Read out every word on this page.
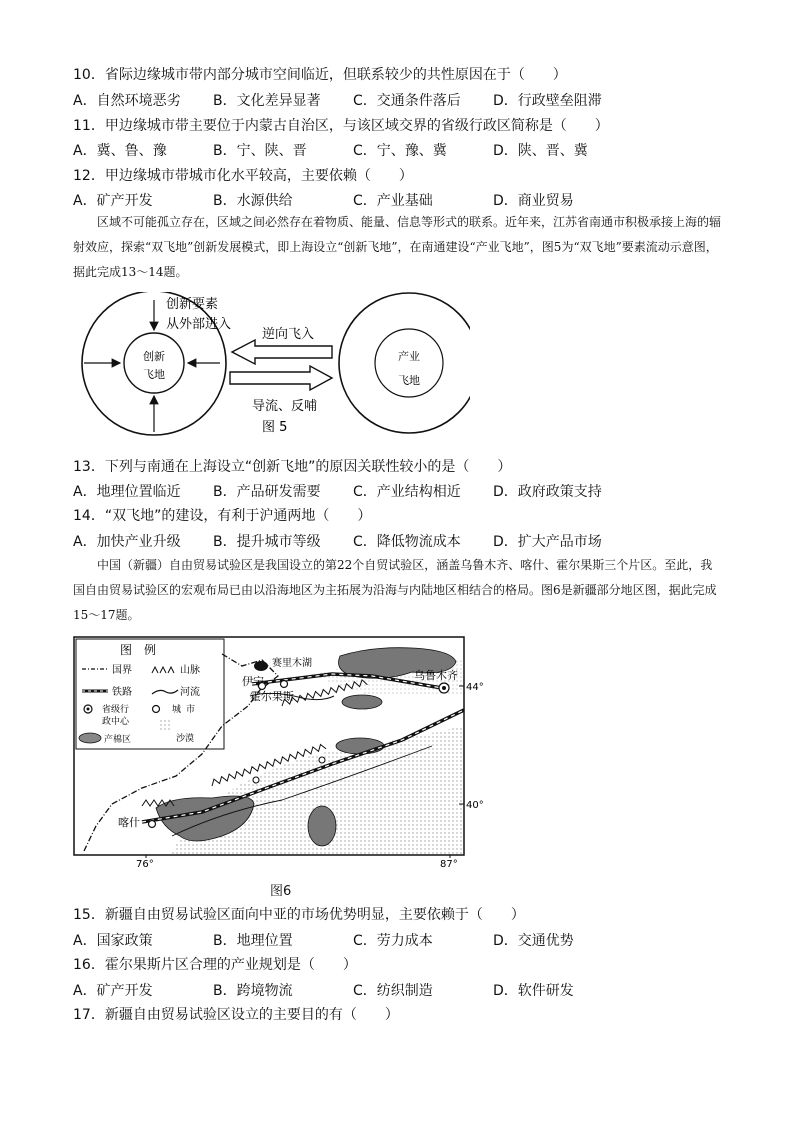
10．省际边缘城市带内部分城市空间临近，但联系较少的共性原因在于（　　）
A．自然环境恶劣 B．文化差异显著 C．交通条件落后 D．行政壁垒阻滞
11．甲边缘城市带主要位于内蒙古自治区，与该区域交界的省级行政区简称是（　　）
A．冀、鲁、豫	B．宁、陕、晋	C．宁、豫、冀	D．陕、晋、冀
12．甲边缘城市带城市化水平较高，主要依赖（　　）
A．矿产开发	B．水源供给	C．产业基础	D．商业贸易
区域不可能孤立存在，区域之间必然存在着物质、能量、信息等形式的联系。近年来，江苏省南通市积极承接上海的辐射效应，探索“双飞地”创新发展模式，即上海设立“创新飞地”，在南通建设“产业飞地”，图5为“双飞地”要素流动示意图，据此完成13～14题。
创新
飞地
产业
飞地
创新要素
从外部进入
逆向飞入
导流、反哺
图 5
13．下列与南通在上海设立“创新飞地”的原因关联性较小的是（　　）
A．地理位置临近 B．产品研发需要 C．产业结构相近 D．政府政策支持
14．“双飞地”的建设，有利于沪通两地（　　）
A．加快产业升级 B．提升城市等级 C．降低物流成本 D．扩大产品市场
中国（新疆）自由贸易试验区是我国设立的第22个自贸试验区，涵盖乌鲁木齐、喀什、霍尔果斯三个片区。至此，我国自由贸易试验区的宏观布局已由以沿海地区为主拓展为沿海与内陆地区相结合的格局。图6是新疆部分地区图，据此完成15～17题。
图　例
国界	山脉
铁路	河流
省级行
政中心
城 市
产棉区	沙漠
赛里木湖
伊宁
霍尔果斯
乌鲁木齐
喀什
44°
40°
76°	87°
图6
15．新疆自由贸易试验区面向中亚的市场优势明显，主要依赖于（　　）
A．国家政策	B．地理位置	C．劳力成本	D．交通优势
16．霍尔果斯片区合理的产业规划是（　　）
A．矿产开发	B．跨境物流	C．纺织制造	D．软件研发
17．新疆自由贸易试验区设立的主要目的有（　　）
